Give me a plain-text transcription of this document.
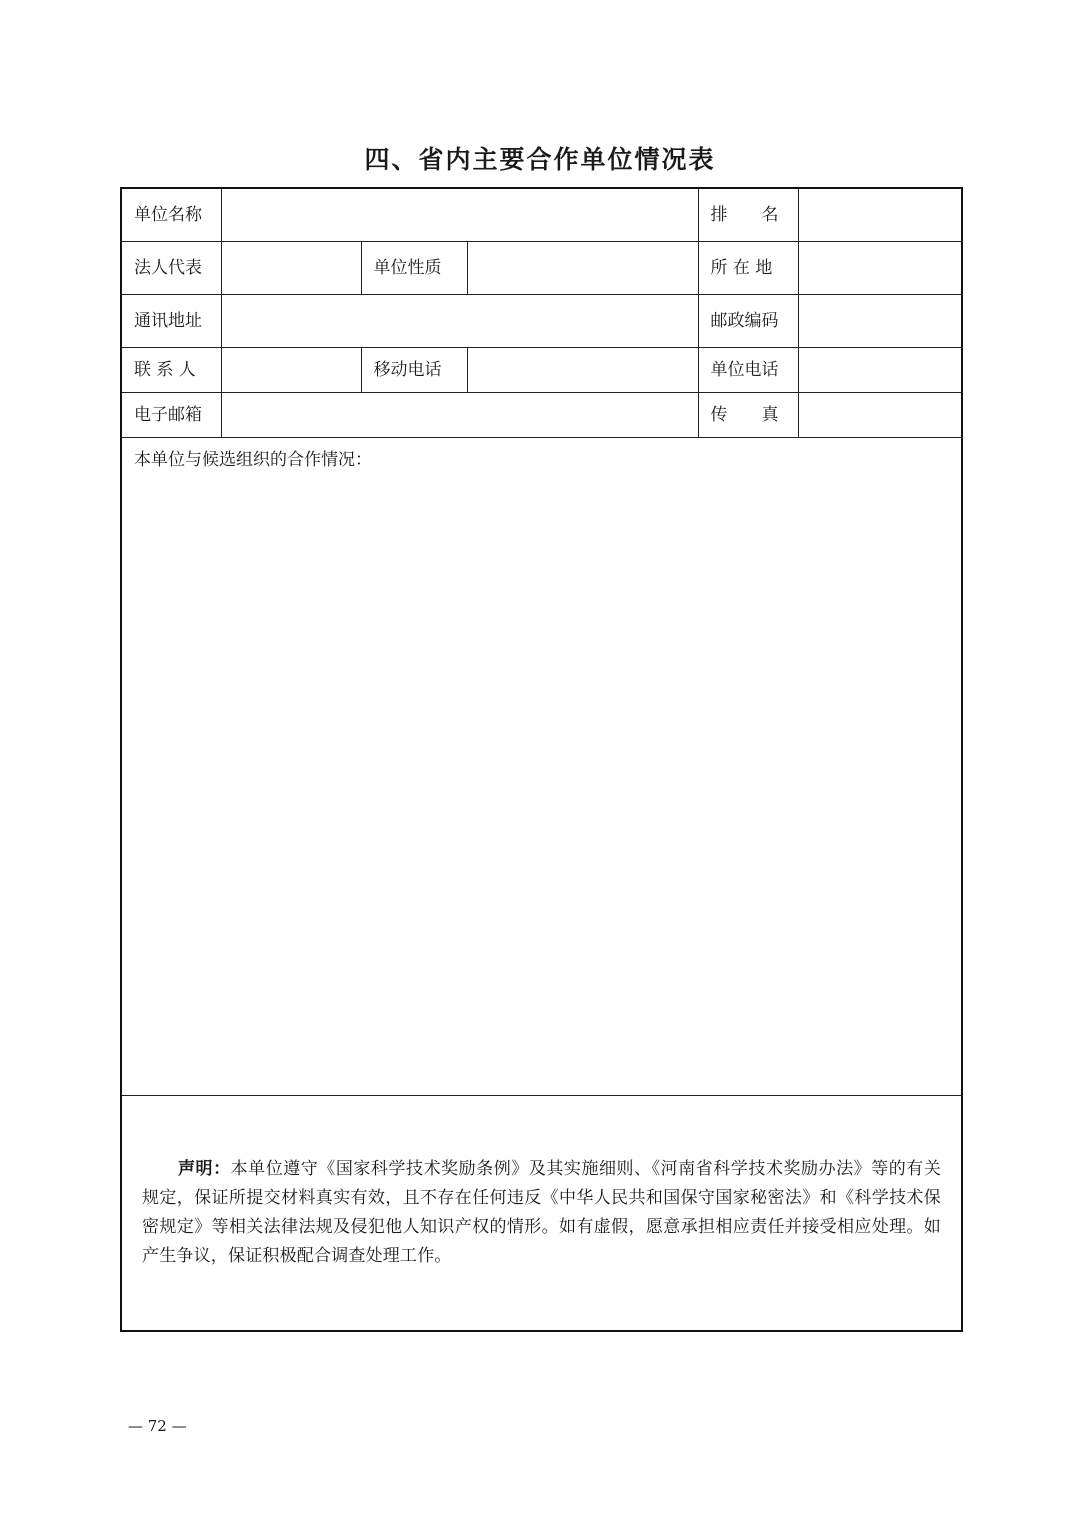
四、省内主要合作单位情况表
单位名称				排　　名	
法人代表		单位性质		所 在 地	
通讯地址				邮政编码	
联 系 人		移动电话		单位电话	
电子邮箱				传　　真	
本单位与候选组织的合作情况：					

声明：本单位遵守《国家科学技术奖励条例》及其实施细则、《河南省科学技术奖励办法》等的有关规定，保证所提交材料真实有效，且不存在任何违反《中华人民共和国保守国家秘密法》和《科学技术保密规定》等相关法律法规及侵犯他人知识产权的情形。如有虚假，愿意承担相应责任并接受相应处理。如产生争议，保证积极配合调查处理工作。					
— 72 —
